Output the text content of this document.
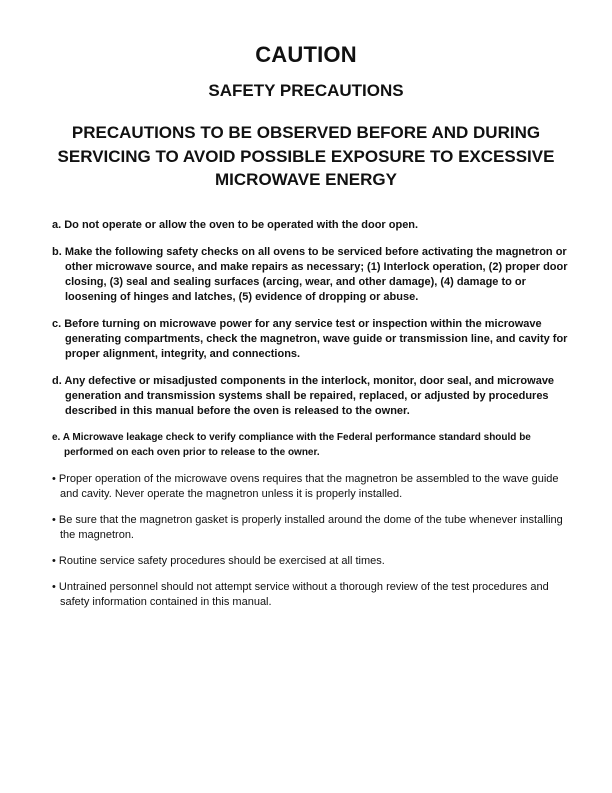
CAUTION
SAFETY PRECAUTIONS
PRECAUTIONS TO BE OBSERVED BEFORE AND DURING SERVICING TO AVOID POSSIBLE EXPOSURE TO EXCESSIVE MICROWAVE ENERGY
a. Do not operate or allow the oven to be operated with the door open.
b. Make the following safety checks on all ovens to be serviced before activating the magnetron or other microwave source, and make repairs as necessary; (1) Interlock operation, (2) proper door closing, (3) seal and sealing surfaces (arcing, wear, and other damage), (4) damage to or loosening of hinges and latches, (5) evidence of dropping or abuse.
c. Before turning on microwave power for any service test or inspection within the microwave generating compartments, check the magnetron, wave guide or transmission line, and cavity for proper alignment, integrity, and connections.
d. Any defective or misadjusted components in the interlock, monitor, door seal, and microwave generation and transmission systems shall be repaired, replaced, or adjusted by procedures described in this manual before the oven is released to the owner.
e. A Microwave leakage check to verify compliance with the Federal performance standard should be performed on each oven prior to release to the owner.
• Proper operation of the microwave ovens requires that the magnetron be assembled to the wave guide and cavity. Never operate the magnetron unless it is properly installed.
• Be sure that the magnetron gasket is properly installed around the dome of the tube whenever installing the magnetron.
• Routine service safety procedures should be exercised at all times.
• Untrained personnel should not attempt service without a thorough review of the test procedures and safety information contained in this manual.
